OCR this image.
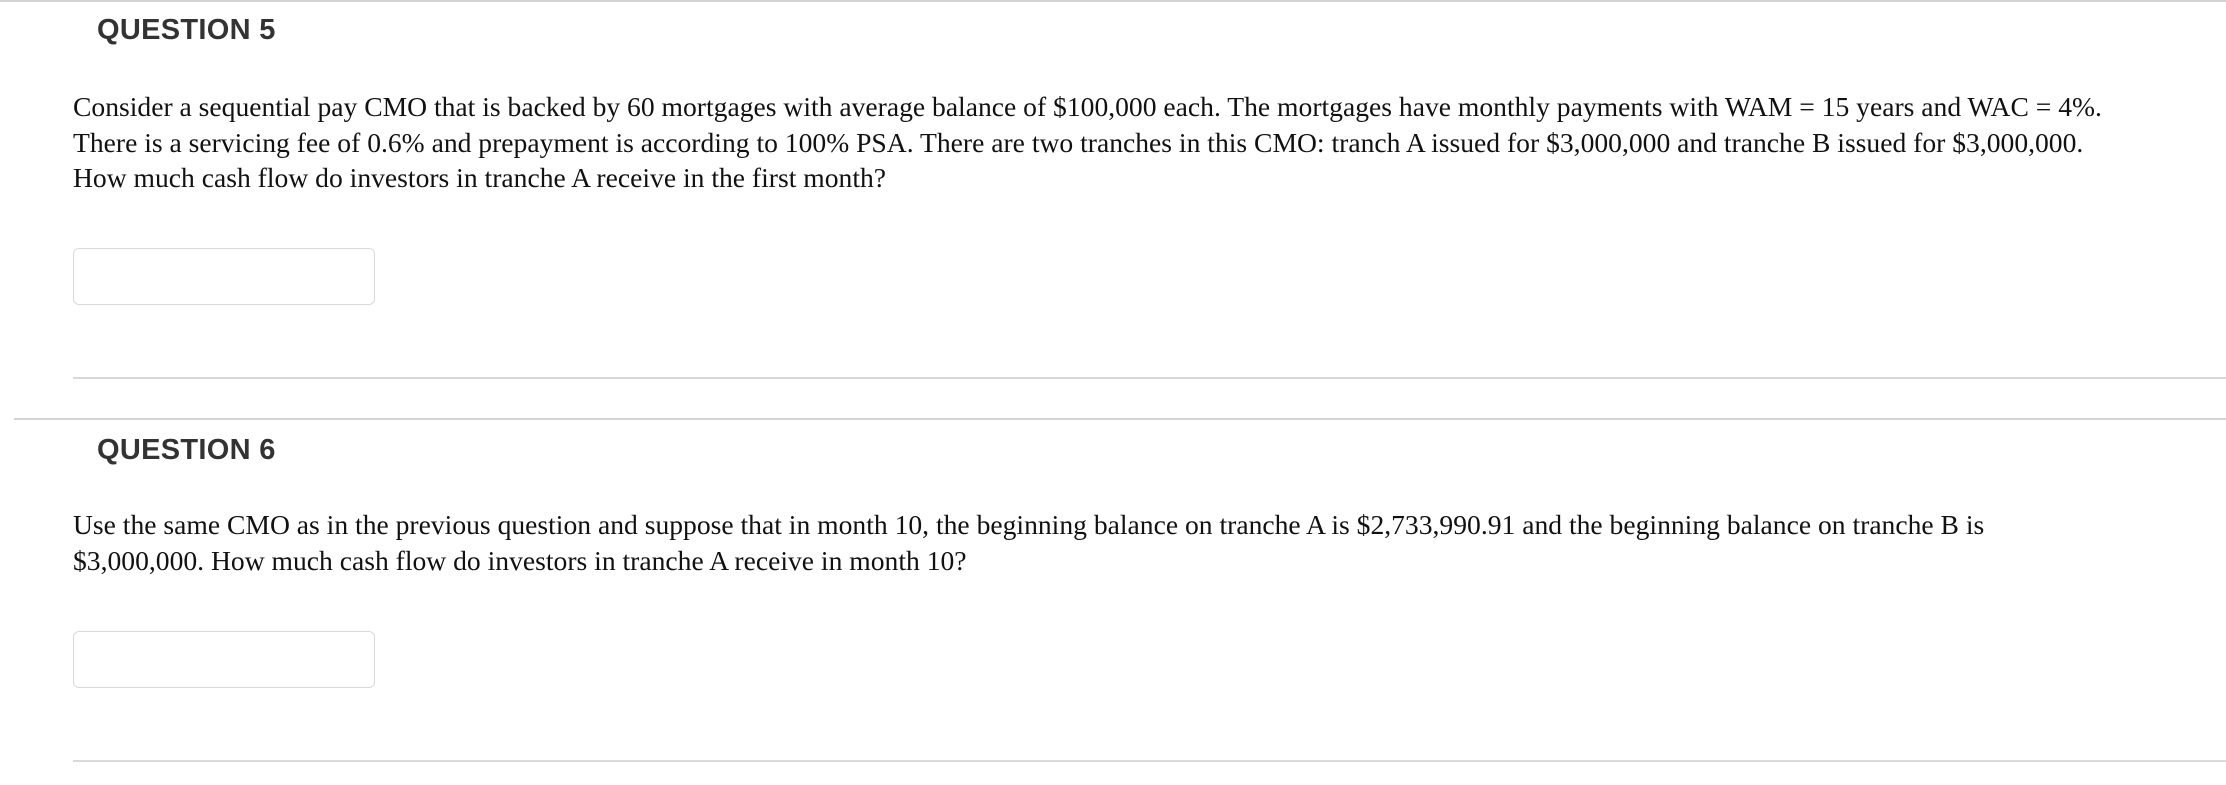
QUESTION 5

Consider a sequential pay CMO that is backed by 60 mortgages with average balance of $100,000 each. The mortgages have monthly payments with WAM = 15 years and WAC = 4%. There is a servicing fee of 0.6% and prepayment is according to 100% PSA. There are two tranches in this CMO: tranch A issued for $3,000,000 and tranche B issued for $3,000,000. How much cash flow do investors in tranche A receive in the first month?

QUESTION 6

Use the same CMO as in the previous question and suppose that in month 10, the beginning balance on tranche A is $2,733,990.91 and the beginning balance on tranche B is $3,000,000. How much cash flow do investors in tranche A receive in month 10?
